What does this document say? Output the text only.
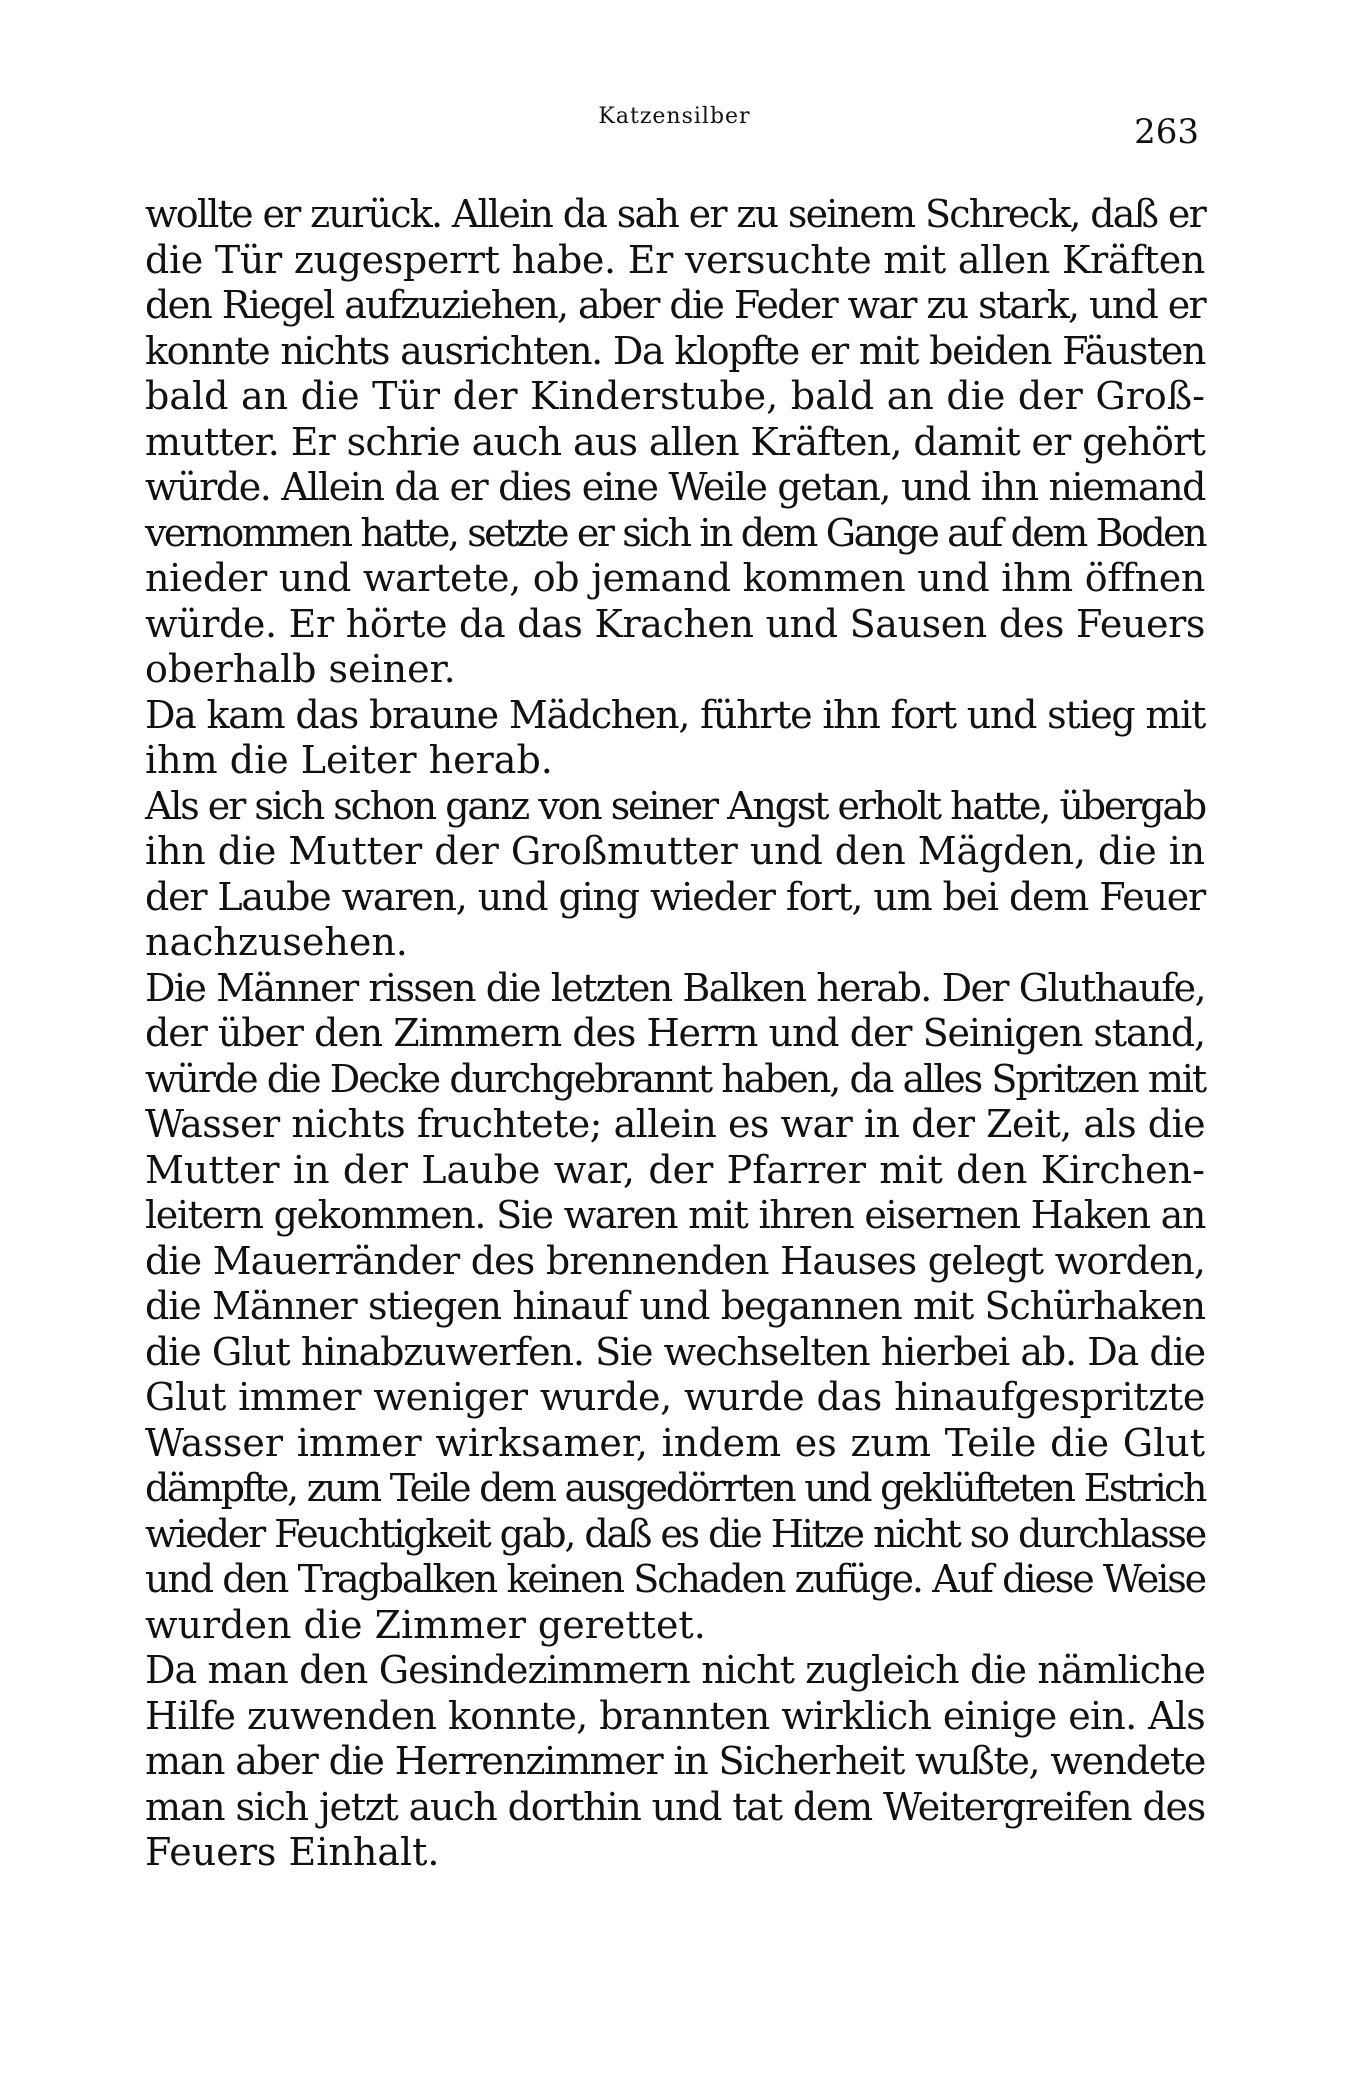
Katzensilber	263

wollte er zurück. Allein da sah er zu seinem Schreck, daß er
die Tür zugesperrt habe. Er versuchte mit allen Kräften
den Riegel aufzuziehen, aber die Feder war zu stark, und er
konnte nichts ausrichten. Da klopfte er mit beiden Fäusten
bald an die Tür der Kinderstube, bald an die der Groß-
mutter. Er schrie auch aus allen Kräften, damit er gehört
würde. Allein da er dies eine Weile getan, und ihn niemand
vernommen hatte, setzte er sich in dem Gange auf dem Boden
nieder und wartete, ob jemand kommen und ihm öffnen
würde. Er hörte da das Krachen und Sausen des Feuers
oberhalb seiner.

Da kam das braune Mädchen, führte ihn fort und stieg mit
ihm die Leiter herab.

Als er sich schon ganz von seiner Angst erholt hatte, übergab
ihn die Mutter der Großmutter und den Mägden, die in
der Laube waren, und ging wieder fort, um bei dem Feuer
nachzusehen.

Die Männer rissen die letzten Balken herab. Der Gluthaufe,
der über den Zimmern des Herrn und der Seinigen stand,
würde die Decke durchgebrannt haben, da alles Spritzen mit
Wasser nichts fruchtete; allein es war in der Zeit, als die
Mutter in der Laube war, der Pfarrer mit den Kirchen-
leitern gekommen. Sie waren mit ihren eisernen Haken an
die Mauerränder des brennenden Hauses gelegt worden,
die Männer stiegen hinauf und begannen mit Schürhaken
die Glut hinabzuwerfen. Sie wechselten hierbei ab. Da die
Glut immer weniger wurde, wurde das hinaufgespritzte
Wasser immer wirksamer, indem es zum Teile die Glut
dämpfte, zum Teile dem ausgedörrten und geklüfteten Estrich
wieder Feuchtigkeit gab, daß es die Hitze nicht so durchlasse
und den Tragbalken keinen Schaden zufüge. Auf diese Weise
wurden die Zimmer gerettet.

Da man den Gesindezimmern nicht zugleich die nämliche
Hilfe zuwenden konnte, brannten wirklich einige ein. Als
man aber die Herrenzimmer in Sicherheit wußte, wendete
man sich jetzt auch dorthin und tat dem Weitergreifen des
Feuers Einhalt.
